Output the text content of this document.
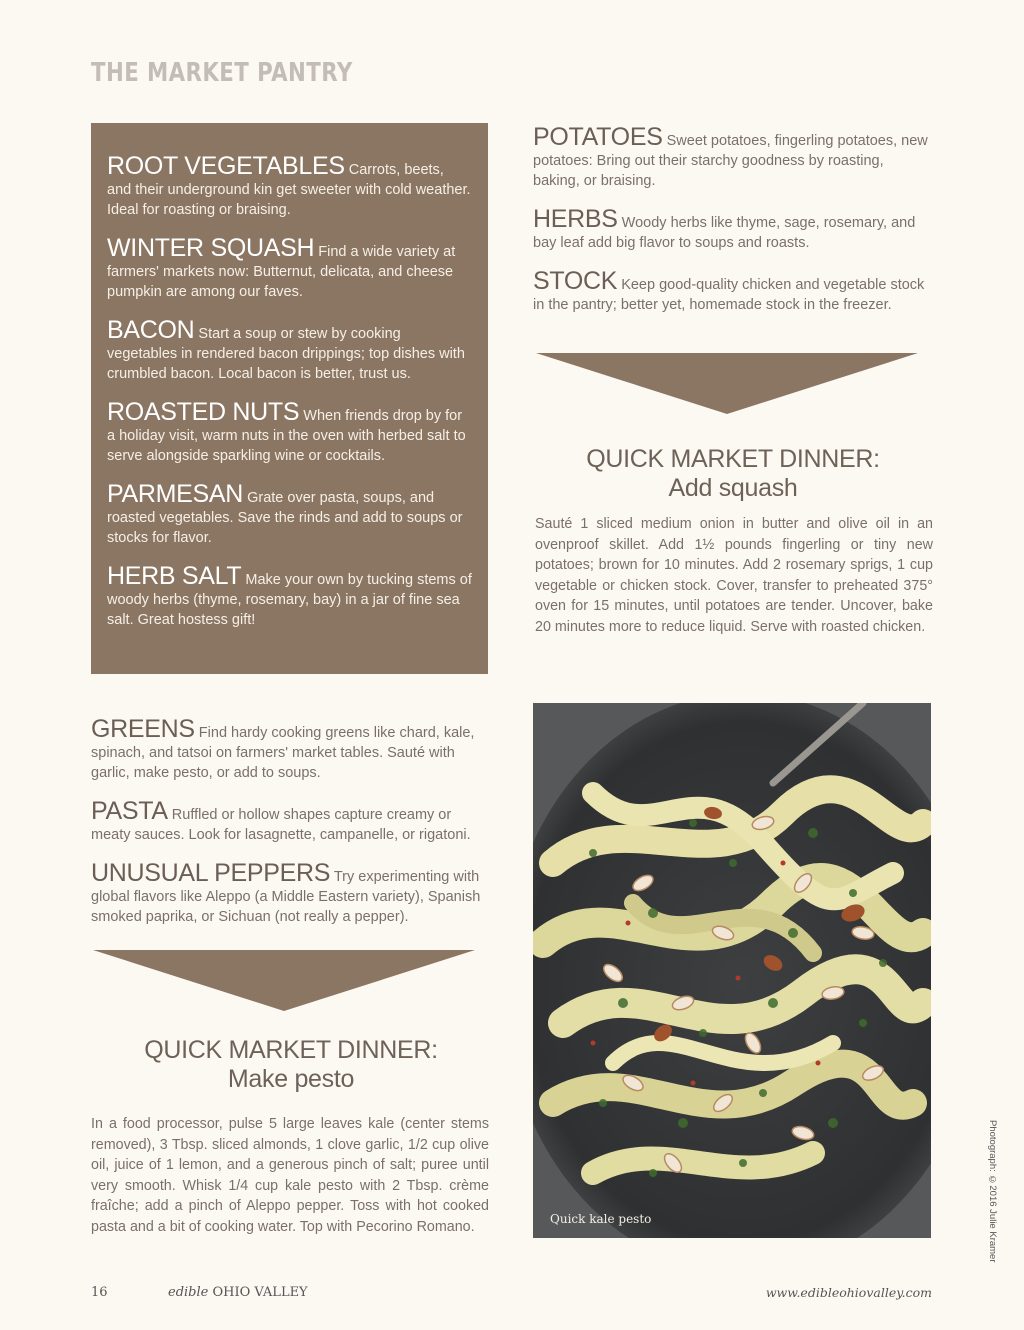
THE MARKET PANTRY

ROOT VEGETABLES Carrots, beets, and their underground kin get sweeter with cold weather. Ideal for roasting or braising.

WINTER SQUASH Find a wide variety at farmers' markets now: Butternut, delicata, and cheese pumpkin are among our faves.

BACON Start a soup or stew by cooking vegetables in rendered bacon drippings; top dishes with crumbled bacon. Local bacon is better, trust us.

ROASTED NUTS When friends drop by for a holiday visit, warm nuts in the oven with herbed salt to serve alongside sparkling wine or cocktails.

PARMESAN Grate over pasta, soups, and roasted vegetables. Save the rinds and add to soups or stocks for flavor.

HERB SALT Make your own by tucking stems of woody herbs (thyme, rosemary, bay) in a jar of fine sea salt. Great hostess gift!

POTATOES Sweet potatoes, fingerling potatoes, new potatoes: Bring out their starchy goodness by roasting, baking, or braising.

HERBS Woody herbs like thyme, sage, rosemary, and bay leaf add big flavor to soups and roasts.

STOCK Keep good-quality chicken and vegetable stock in the pantry; better yet, homemade stock in the freezer.

QUICK MARKET DINNER:
Add squash
Sauté 1 sliced medium onion in butter and olive oil in an ovenproof skillet. Add 1½ pounds fingerling or tiny new potatoes; brown for 10 minutes. Add 2 rosemary sprigs, 1 cup vegetable or chicken stock. Cover, transfer to preheated 375° oven for 15 minutes, until potatoes are tender. Uncover, bake 20 minutes more to reduce liquid. Serve with roasted chicken.

GREENS Find hardy cooking greens like chard, kale, spinach, and tatsoi on farmers' market tables. Sauté with garlic, make pesto, or add to soups.

PASTA Ruffled or hollow shapes capture creamy or meaty sauces. Look for lasagnette, campanelle, or rigatoni.

UNUSUAL PEPPERS Try experimenting with global flavors like Aleppo (a Middle Eastern variety), Spanish smoked paprika, or Sichuan (not really a pepper).

QUICK MARKET DINNER:
Make pesto
In a food processor, pulse 5 large leaves kale (center stems removed), 3 Tbsp. sliced almonds, 1 clove garlic, 1/2 cup olive oil, juice of 1 lemon, and a generous pinch of salt; puree until very smooth. Whisk 1/4 cup kale pesto with 2 Tbsp. crème fraîche; add a pinch of Aleppo pepper. Toss with hot cooked pasta and a bit of cooking water. Top with Pecorino Romano.	Quick kale pesto	Photograph: ©2016 Julie Kramer
16	edible OHIO VALLEY	www.edibleohiovalley.com
